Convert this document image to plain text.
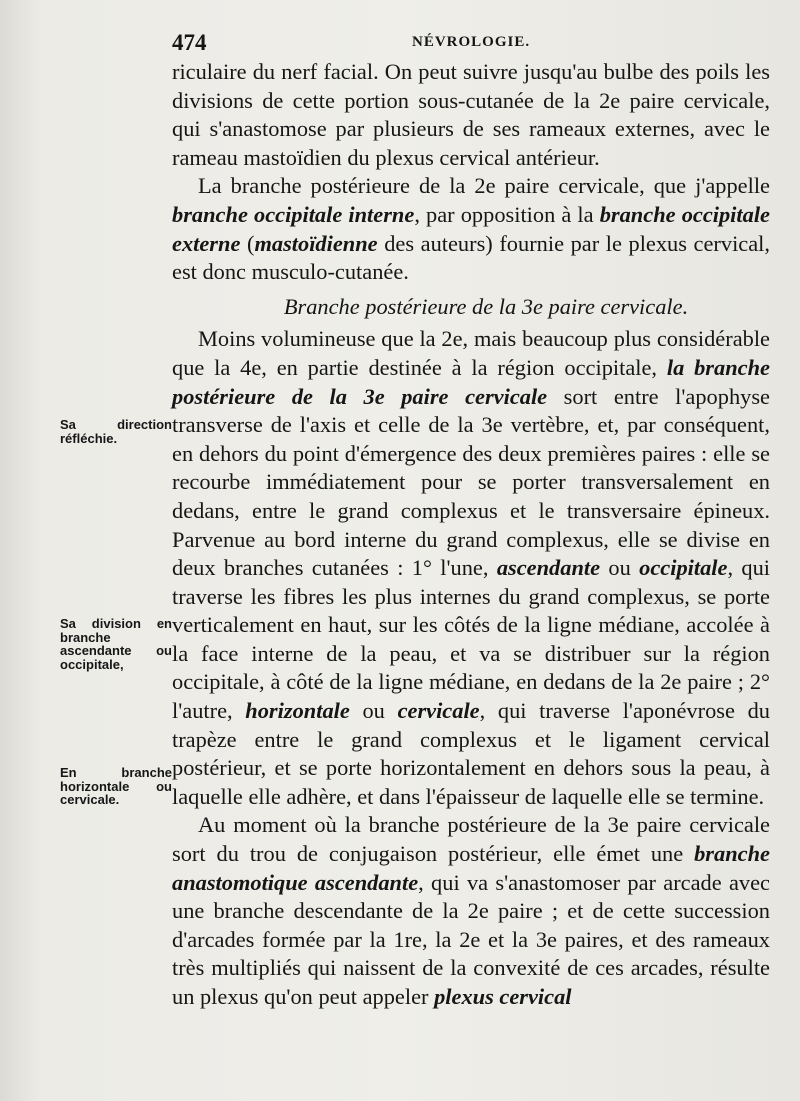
474	NÉVROLOGIE.
Sa direction réfléchie.
Sa division en branche ascendante ou occipitale,
En branche horizontale ou cervicale.

riculaire du nerf facial. On peut suivre jusqu'au bulbe des poils les divisions de cette portion sous-cutanée de la 2e paire cervicale, qui s'anastomose par plusieurs de ses rameaux externes, avec le rameau mastoïdien du plexus cervical antérieur.

La branche postérieure de la 2e paire cervicale, que j'appelle branche occipitale interne, par opposition à la branche occipitale externe (mastoïdienne des auteurs) fournie par le plexus cervical, est donc musculo-cutanée.

Branche postérieure de la 3e paire cervicale.

Moins volumineuse que la 2e, mais beaucoup plus considérable que la 4e, en partie destinée à la région occipitale, la branche postérieure de la 3e paire cervicale sort entre l'apophyse transverse de l'axis et celle de la 3e vertèbre, et, par conséquent, en dehors du point d'émergence des deux premières paires : elle se recourbe immédiatement pour se porter transversalement en dedans, entre le grand complexus et le transversaire épineux. Parvenue au bord interne du grand complexus, elle se divise en deux branches cutanées : 1° l'une, ascendante ou occipitale, qui traverse les fibres les plus internes du grand complexus, se porte verticalement en haut, sur les côtés de la ligne médiane, accolée à la face interne de la peau, et va se distribuer sur la région occipitale, à côté de la ligne médiane, en dedans de la 2e paire ; 2° l'autre, horizontale ou cervicale, qui traverse l'aponévrose du trapèze entre le grand complexus et le ligament cervical postérieur, et se porte horizontalement en dehors sous la peau, à laquelle elle adhère, et dans l'épaisseur de laquelle elle se termine.

Au moment où la branche postérieure de la 3e paire cervicale sort du trou de conjugaison postérieur, elle émet une branche anastomotique ascendante, qui va s'anastomoser par arcade avec une branche descendante de la 2e paire ; et de cette succession d'arcades formée par la 1re, la 2e et la 3e paires, et des rameaux très multipliés qui naissent de la convexité de ces arcades, résulte un plexus qu'on peut appeler plexus cervical
